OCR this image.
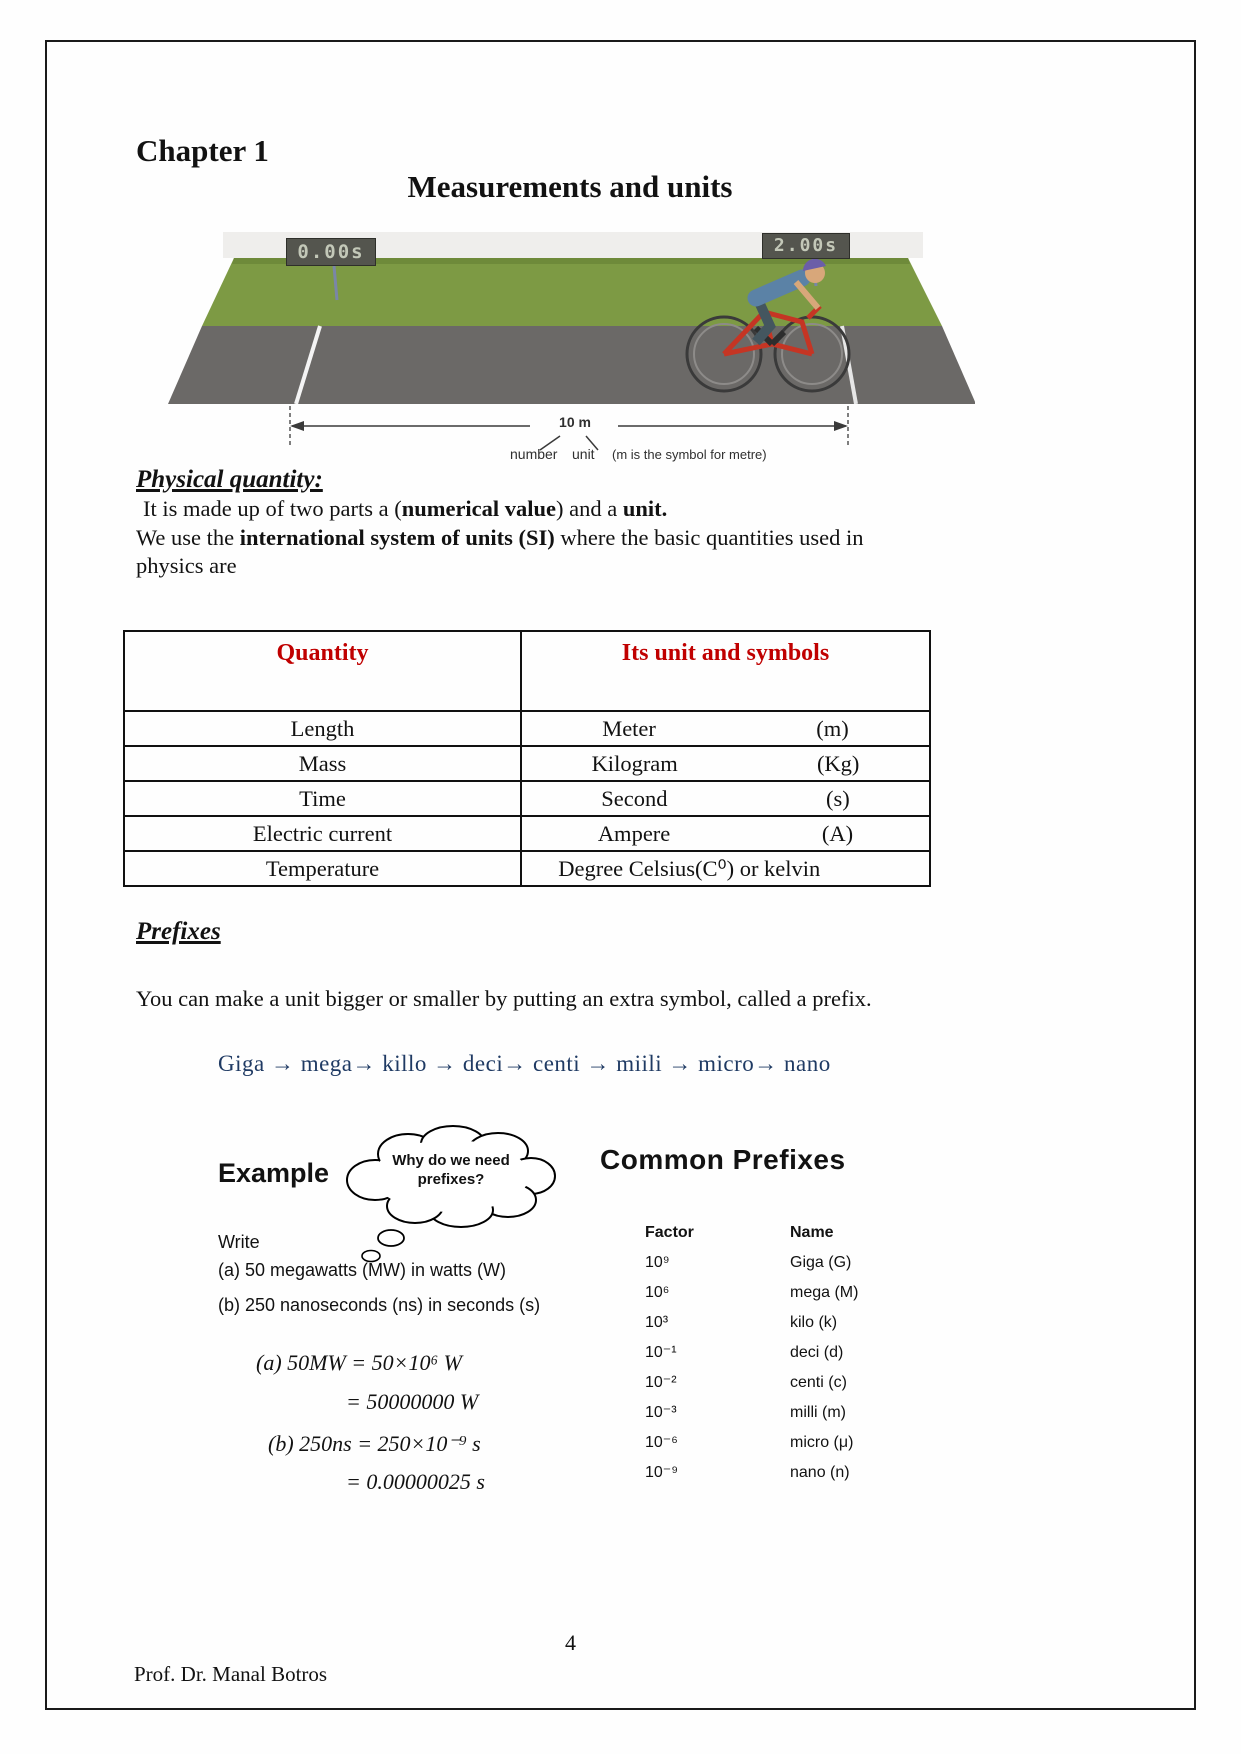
Chapter 1
Measurements and units
0.00s	2.00s
10 m
number unit (m is the symbol for metre)
Physical quantity:
It is made up of two parts a (numerical value) and a unit.
We use the international system of units (SI) where the basic quantities used in
physics are
Quantity	Its unit and symbols
Length	Meter (m)

Mass	Kilogram (Kg)

Time	Second (s)

Electric current	Ampere (A)

Temperature	Degree Celsius(C⁰) or kelvin
Prefixes
You can make a unit bigger or smaller by putting an extra symbol, called a prefix.
Giga → mega→ killo → deci→ centi → miili → micro→ nano
Example	Why do we need prefixes?
Write
(a) 50 megawatts (MW) in watts (W)
(b) 250 nanoseconds (ns) in seconds (s)
(a) 50MW = 50×10⁶ W
= 50000000 W
(b) 250ns = 250×10⁻⁹ s
= 0.00000025 s
Common Prefixes
Factor	Name
10⁹	Giga (G)
10⁶	mega (M)
10³	kilo (k)
10⁻¹	deci (d)
10⁻²	centi (c)
10⁻³	milli (m)
10⁻⁶	micro (μ)
10⁻⁹	nano (n)
4
Prof. Dr. Manal Botros
